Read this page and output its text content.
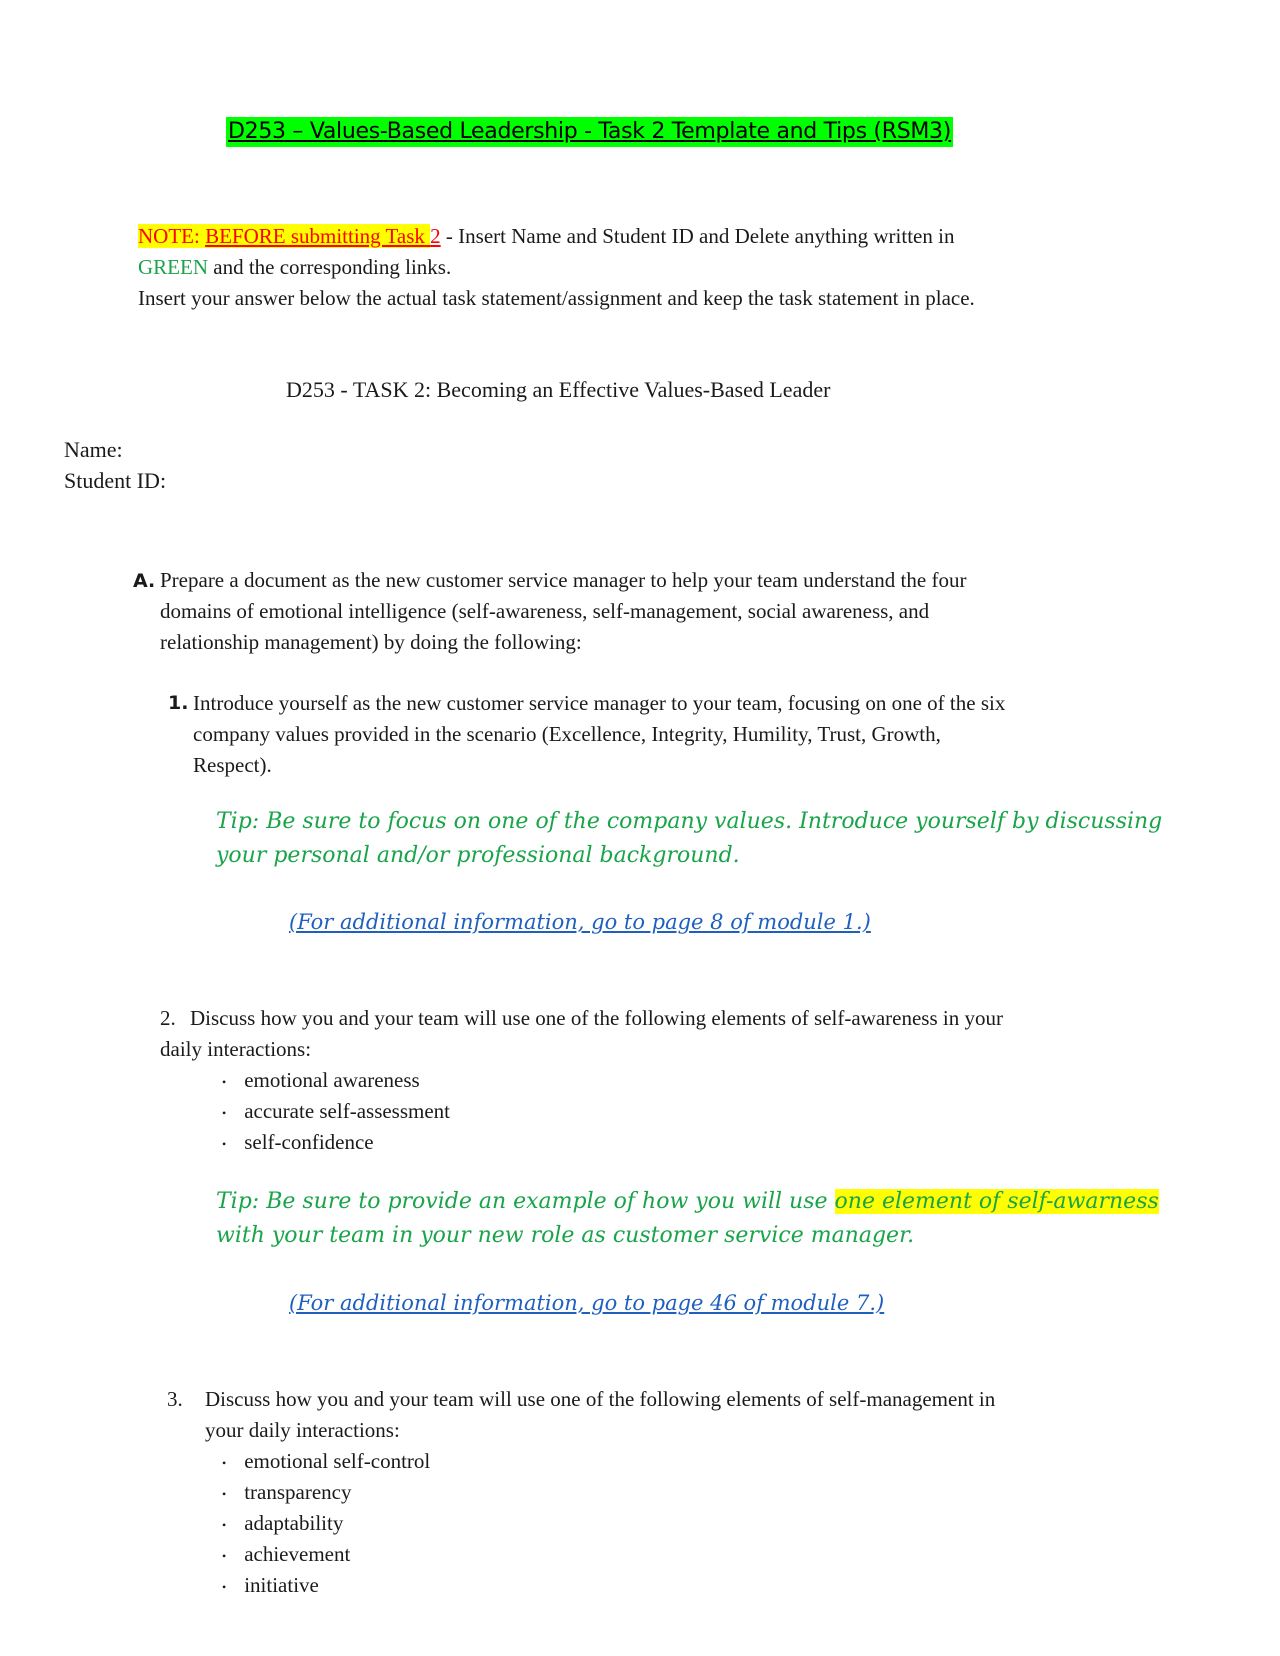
D253 – Values-Based Leadership - Task 2 Template and Tips (RSM3)
NOTE: BEFORE submitting Task 2 - Insert Name and Student ID and Delete anything written in
GREEN and the corresponding links.
Insert your answer below the actual task statement/assignment and keep the task statement in place.
D253 - TASK 2: Becoming an Effective Values-Based Leader
Name:
Student ID:
A. Prepare a document as the new customer service manager to help your team understand the four
domains of emotional intelligence (self-awareness, self-management, social awareness, and
relationship management) by doing the following:
1. Introduce yourself as the new customer service manager to your team, focusing on one of the six
company values provided in the scenario (Excellence, Integrity, Humility, Trust, Growth,
Respect).
Tip: Be sure to focus on one of the company values. Introduce yourself by discussing
your personal and/or professional background.
(For additional information, go to page 8 of module 1.)
2. Discuss how you and your team will use one of the following elements of self-awareness in your
daily interactions:
• emotional awareness
• accurate self-assessment
• self-confidence
Tip: Be sure to provide an example of how you will use one element of self-awarness
with your team in your new role as customer service manager.
(For additional information, go to page 46 of module 7.)
3. Discuss how you and your team will use one of the following elements of self-management in
your daily interactions:
• emotional self-control
• transparency
• adaptability
• achievement
• initiative
